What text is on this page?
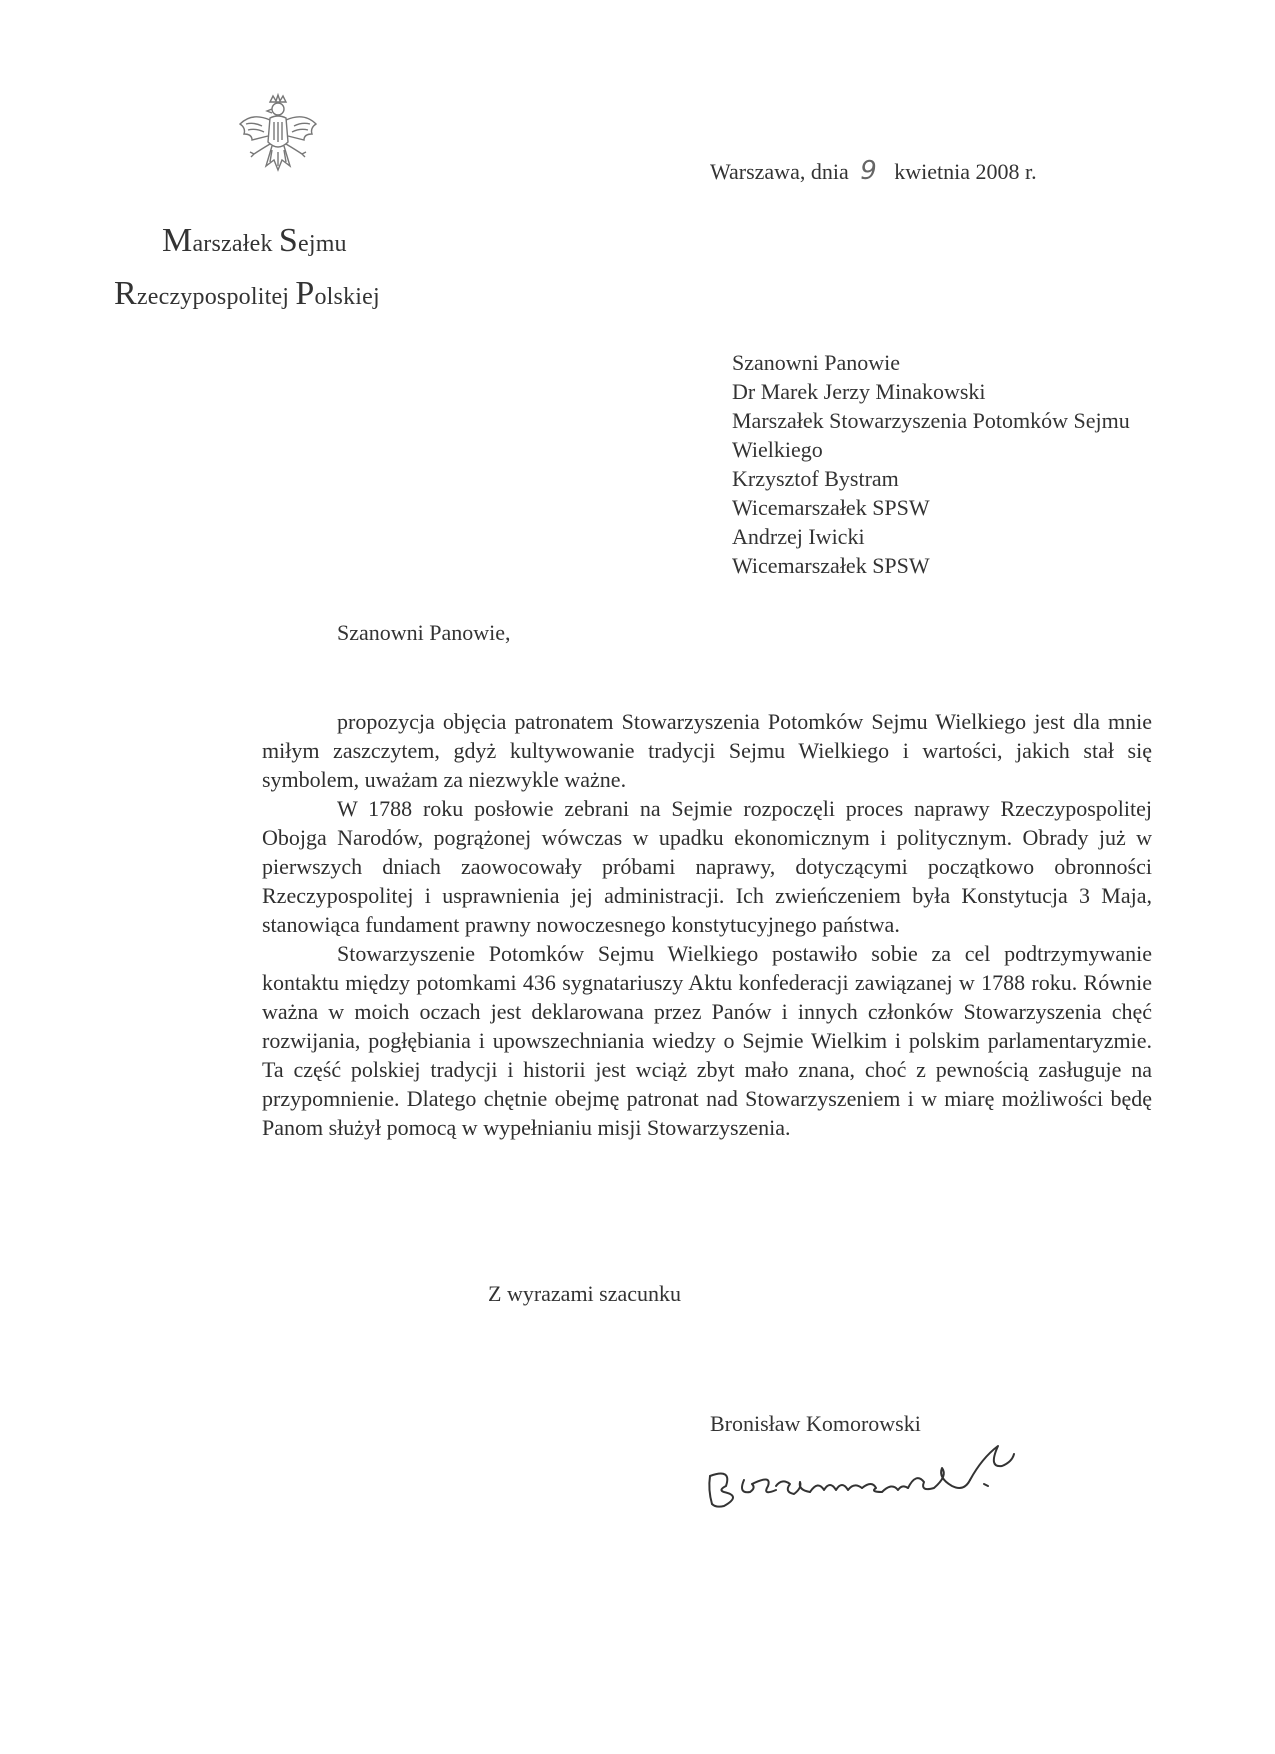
Marszałek Sejmu
Rzeczypospolitej Polskiej
Warszawa, dnia 9 kwietnia 2008 r.
Szanowni Panowie
Dr Marek Jerzy Minakowski
Marszałek Stowarzyszenia Potomków Sejmu
Wielkiego
Krzysztof Bystram
Wicemarszałek SPSW
Andrzej Iwicki
Wicemarszałek SPSW
Szanowni Panowie,

propozycja objęcia patronatem Stowarzyszenia Potomków Sejmu Wielkiego jest dla mnie miłym zaszczytem, gdyż kultywowanie tradycji Sejmu Wielkiego i wartości, jakich stał się symbolem, uważam za niezwykle ważne.

W 1788 roku posłowie zebrani na Sejmie rozpoczęli proces naprawy Rzeczypospolitej Obojga Narodów, pogrążonej wówczas w upadku ekonomicznym i politycznym. Obrady już w pierwszych dniach zaowocowały próbami naprawy, dotyczącymi początkowo obronności Rzeczypospolitej i usprawnienia jej administracji. Ich zwieńczeniem była Konstytucja 3 Maja, stanowiąca fundament prawny nowoczesnego konstytucyjnego państwa.

Stowarzyszenie Potomków Sejmu Wielkiego postawiło sobie za cel podtrzymywanie kontaktu między potomkami 436 sygnatariuszy Aktu konfederacji zawiązanej w 1788 roku. Równie ważna w moich oczach jest deklarowana przez Panów i innych członków Stowarzyszenia chęć rozwijania, pogłębiania i upowszechniania wiedzy o Sejmie Wielkim i polskim parlamentaryzmie. Ta część polskiej tradycji i historii jest wciąż zbyt mało znana, choć z pewnością zasługuje na przypomnienie. Dlatego chętnie obejmę patronat nad Stowarzyszeniem i w miarę możliwości będę Panom służył pomocą w wypełnianiu misji Stowarzyszenia.

Z wyrazami szacunku
Bronisław Komorowski
